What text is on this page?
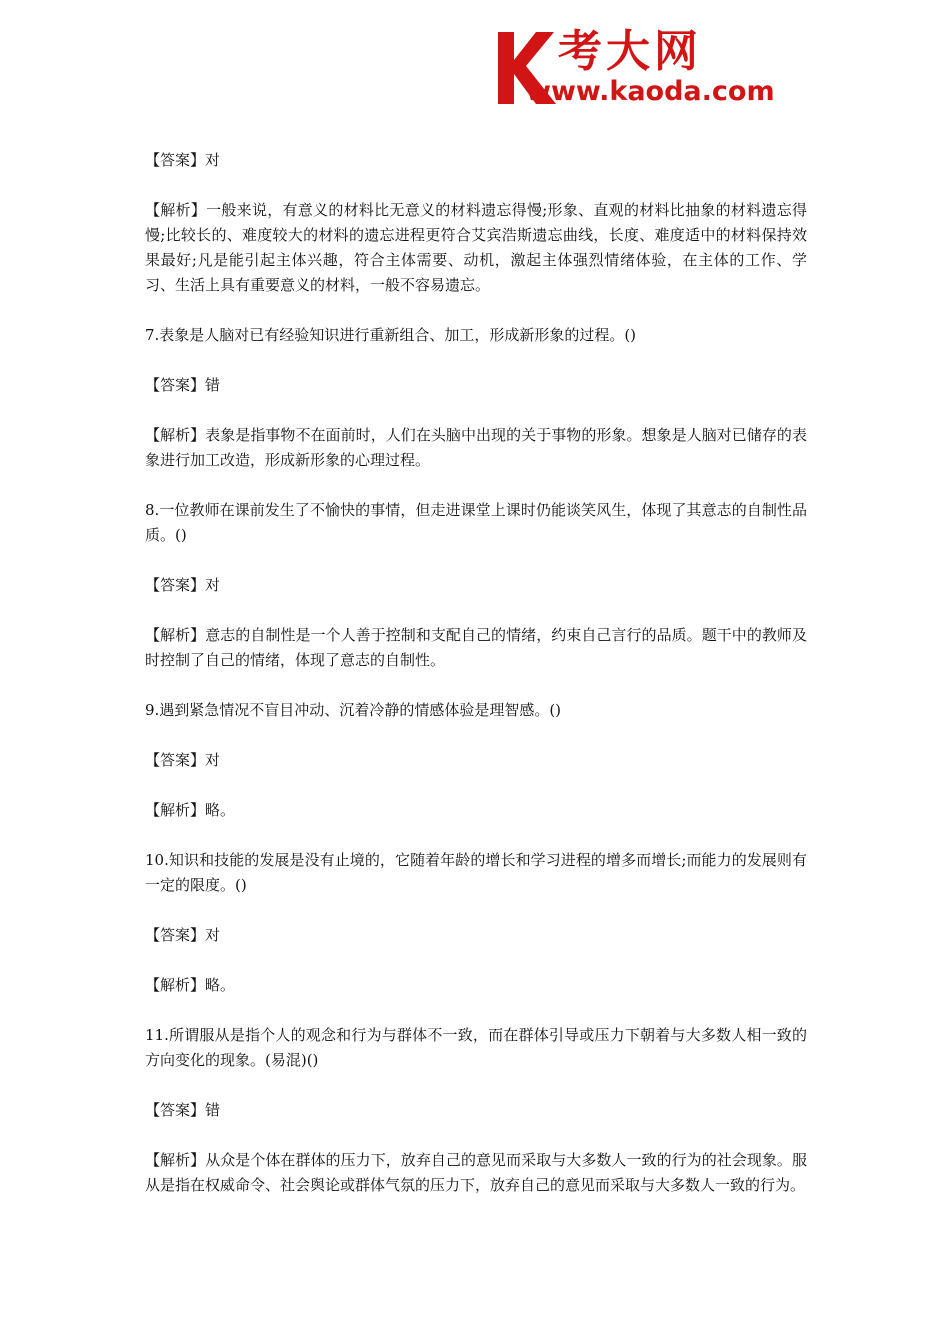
考大网
www.kaoda.com

【答案】对

【解析】一般来说，有意义的材料比无意义的材料遗忘得慢;形象、直观的材料比抽象的材料遗忘得慢;比较长的、难度较大的材料的遗忘进程更符合艾宾浩斯遗忘曲线，长度、难度适中的材料保持效果最好;凡是能引起主体兴趣，符合主体需要、动机，激起主体强烈情绪体验，在主体的工作、学习、生活上具有重要意义的材料，一般不容易遗忘。

7.表象是人脑对已有经验知识进行重新组合、加工，形成新形象的过程。()

【答案】错

【解析】表象是指事物不在面前时，人们在头脑中出现的关于事物的形象。想象是人脑对已储存的表象进行加工改造，形成新形象的心理过程。

8.一位教师在课前发生了不愉快的事情，但走进课堂上课时仍能谈笑风生，体现了其意志的自制性品质。()

【答案】对

【解析】意志的自制性是一个人善于控制和支配自己的情绪，约束自己言行的品质。题干中的教师及时控制了自己的情绪，体现了意志的自制性。

9.遇到紧急情况不盲目冲动、沉着冷静的情感体验是理智感。()

【答案】对

【解析】略。

10.知识和技能的发展是没有止境的，它随着年龄的增长和学习进程的增多而增长;而能力的发展则有一定的限度。()

【答案】对

【解析】略。

11.所谓服从是指个人的观念和行为与群体不一致，而在群体引导或压力下朝着与大多数人相一致的方向变化的现象。(易混)()

【答案】错

【解析】从众是个体在群体的压力下，放弃自己的意见而采取与大多数人一致的行为的社会现象。服从是指在权威命令、社会舆论或群体气氛的压力下，放弃自己的意见而采取与大多数人一致的行为。
